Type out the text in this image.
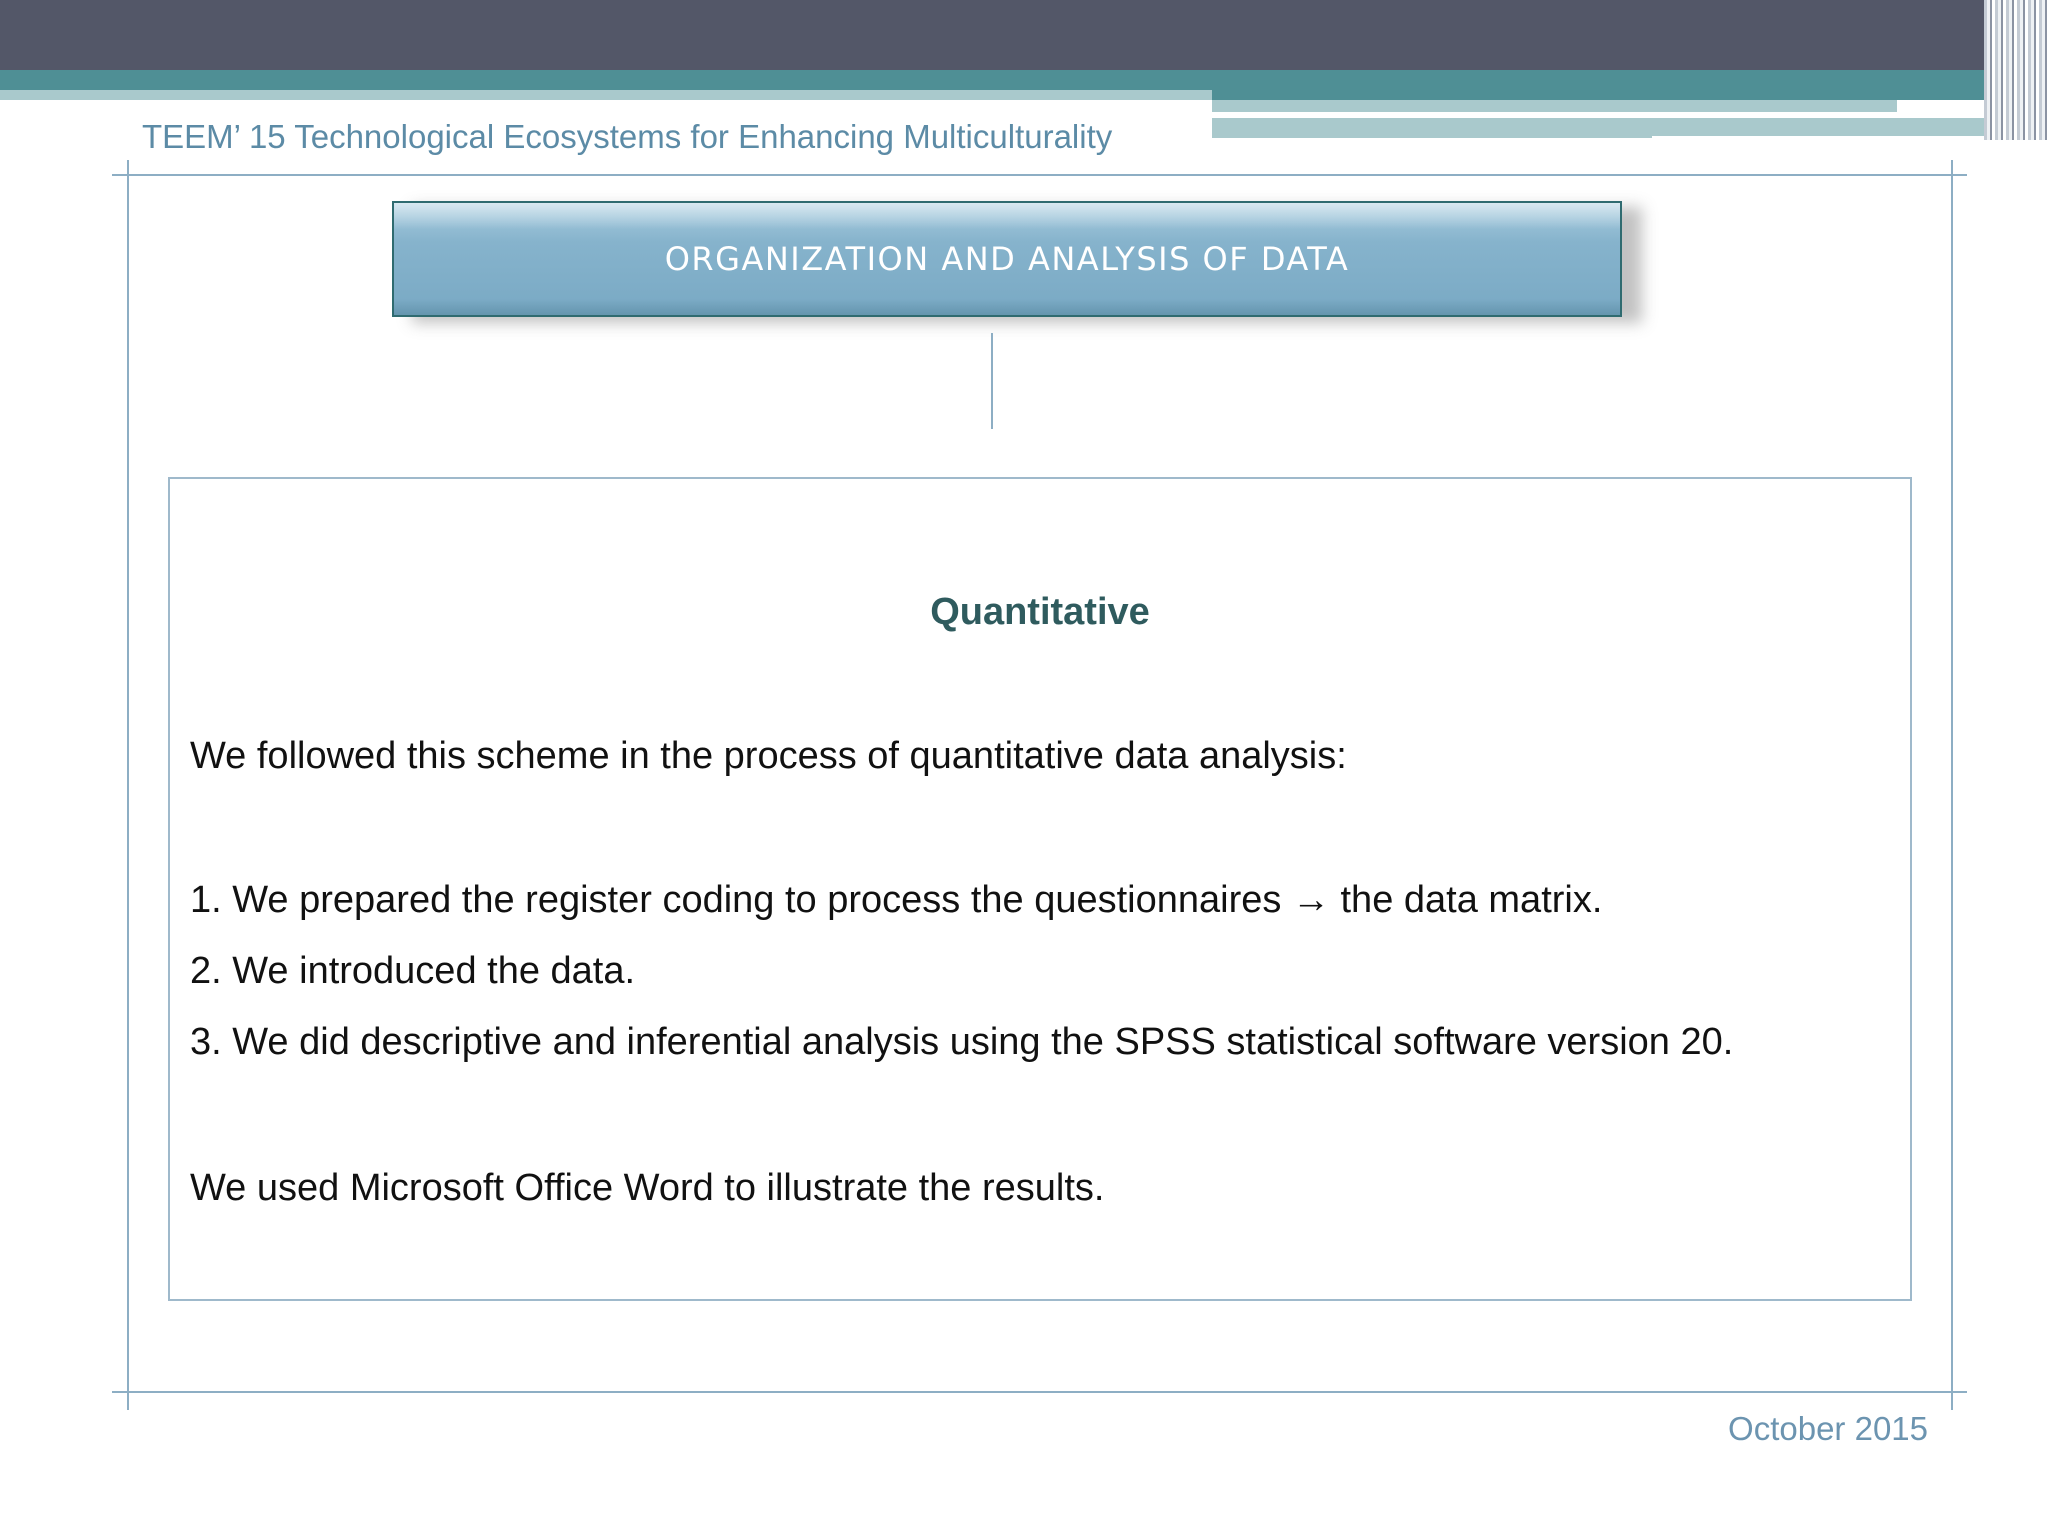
TEEM’ 15 Technological Ecosystems for Enhancing Multiculturality
ORGANIZATION AND ANALYSIS OF DATA
Quantitative
We followed this scheme in the process of quantitative data analysis:
1. We prepared the register coding to process the questionnaires → the data matrix.
2. We introduced the data.
3. We did descriptive and inferential analysis using the SPSS statistical software version 20.
We used Microsoft Office Word to illustrate the results.
October 2015
